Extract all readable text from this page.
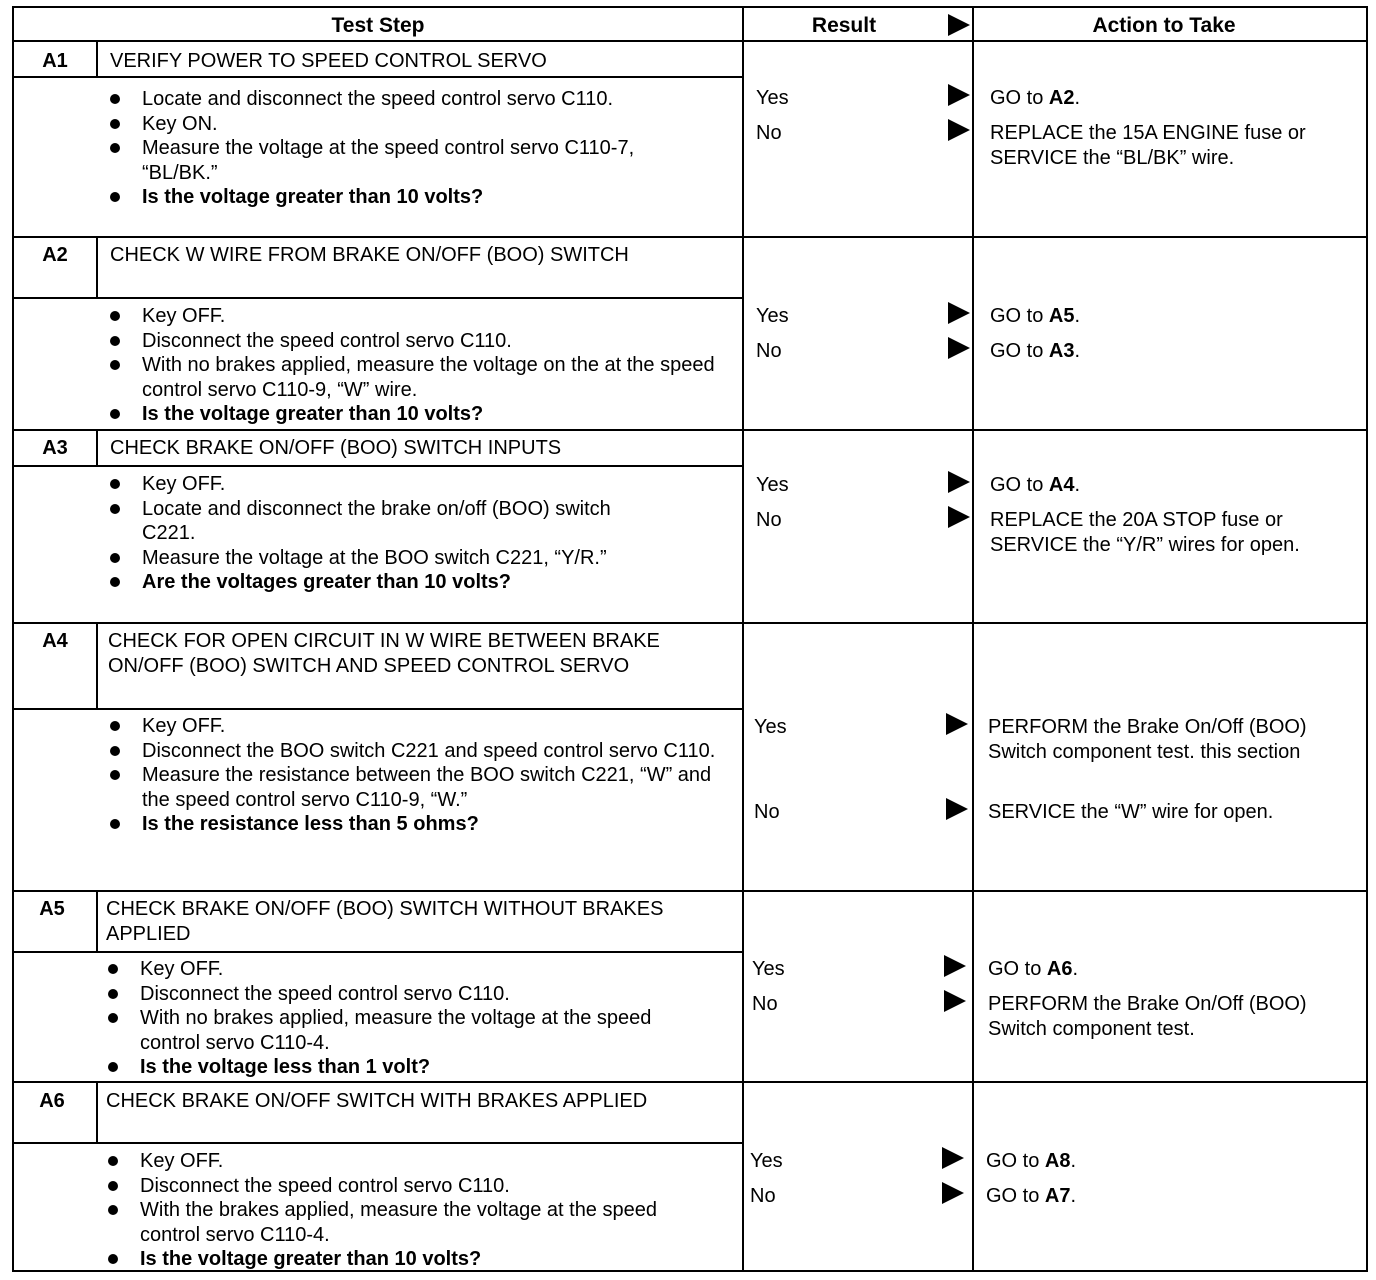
Test Step	Result	Action to Take
A1	VERIFY POWER TO SPEED CONTROL SERVO
Locate and disconnect the speed control servo C110.
Key ON.
Measure the voltage at the speed control servo C110-7, “BL/BK.”
Is the voltage greater than 10 volts?
Yes	GO to A2.
No	REPLACE the 15A ENGINE fuse or SERVICE the “BL/BK” wire.
A2	CHECK W WIRE FROM BRAKE ON/OFF (BOO) SWITCH
Key OFF.
Disconnect the speed control servo C110.
With no brakes applied, measure the voltage on the at the speed control servo C110-9, “W” wire.
Is the voltage greater than 10 volts?
Yes	GO to A5.
No	GO to A3.
A3	CHECK BRAKE ON/OFF (BOO) SWITCH INPUTS
Key OFF.
Locate and disconnect the brake on/off (BOO) switch C221.
Measure the voltage at the BOO switch C221, “Y/R.”
Are the voltages greater than 10 volts?
Yes	GO to A4.
No	REPLACE the 20A STOP fuse or SERVICE the “Y/R” wires for open.
A4	CHECK FOR OPEN CIRCUIT IN W WIRE BETWEEN BRAKE ON/OFF (BOO) SWITCH AND SPEED CONTROL SERVO
Key OFF.
Disconnect the BOO switch C221 and speed control servo C110.
Measure the resistance between the BOO switch C221, “W” and the speed control servo C110-9, “W.”
Is the resistance less than 5 ohms?
Yes	PERFORM the Brake On/Off (BOO) Switch component test. this section
No	SERVICE the “W” wire for open.
A5	CHECK BRAKE ON/OFF (BOO) SWITCH WITHOUT BRAKES APPLIED
Key OFF.
Disconnect the speed control servo C110.
With no brakes applied, measure the voltage at the speed control servo C110-4.
Is the voltage less than 1 volt?
Yes	GO to A6.
No	PERFORM the Brake On/Off (BOO) Switch component test.
A6	CHECK BRAKE ON/OFF SWITCH WITH BRAKES APPLIED
Key OFF.
Disconnect the speed control servo C110.
With the brakes applied, measure the voltage at the speed control servo C110-4.
Is the voltage greater than 10 volts?
Yes	GO to A8.
No	GO to A7.
